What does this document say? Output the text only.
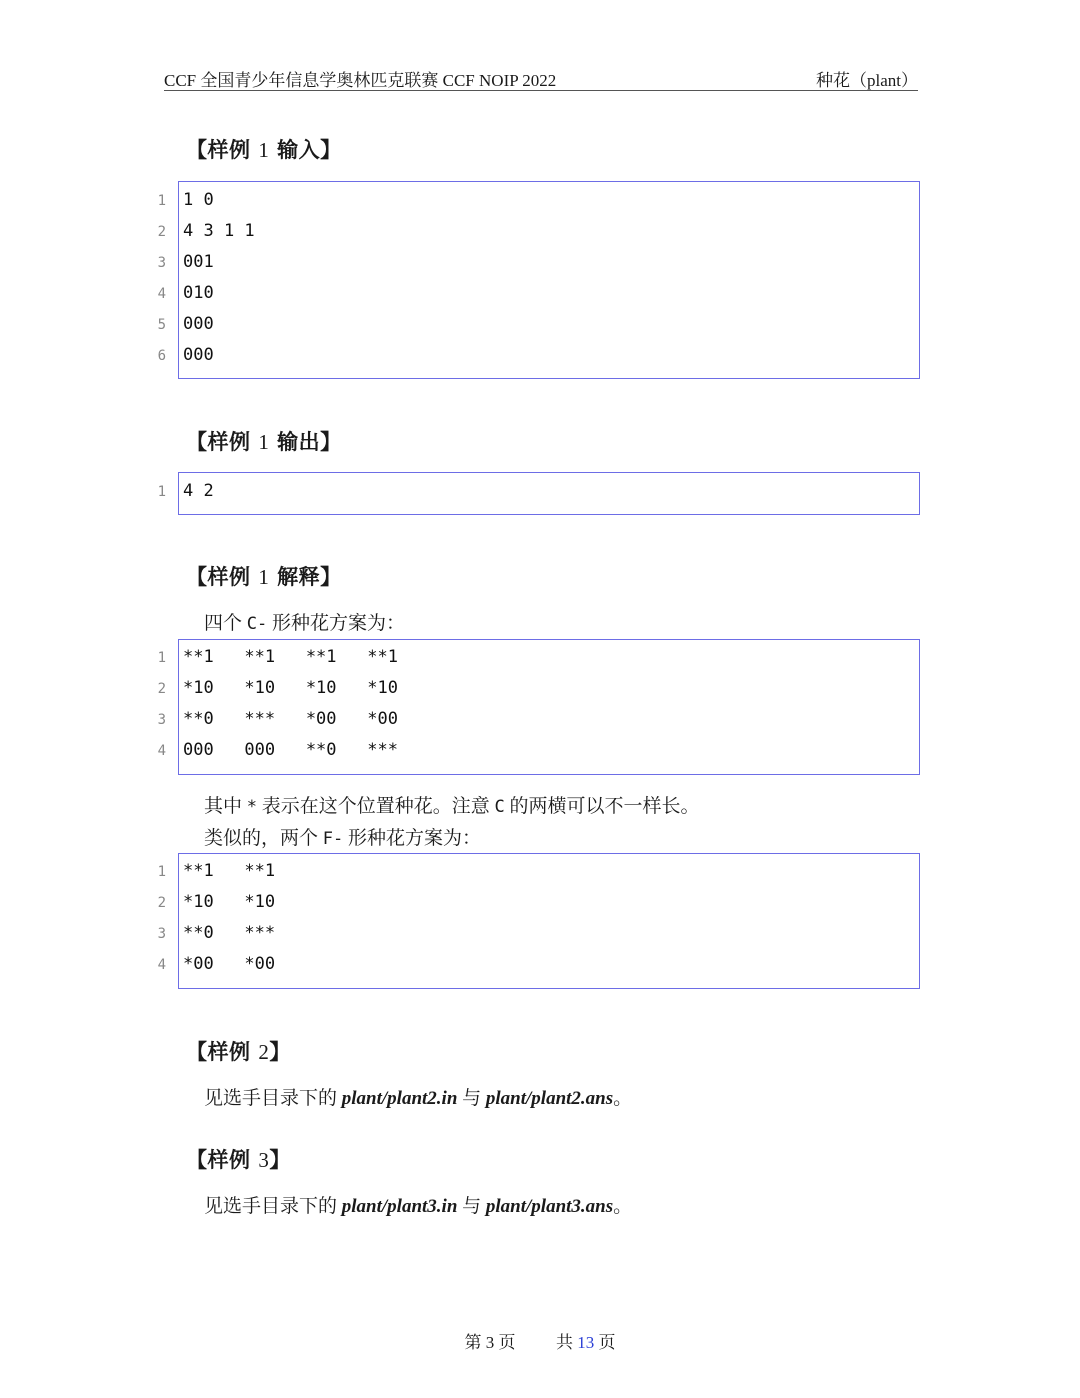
CCF 全国青少年信息学奥林匹克联赛 CCF NOIP 2022	种花（plant）
【样例 1 输入】
1 1 0
2 4 3 1 1
3 001
4 010
5 000
6 000
【样例 1 输出】
1 4 2
【样例 1 解释】
四个 C- 形种花方案为：
1 **1   **1   **1   **1
2 *10   *10   *10   *10
3 **0   ***   *00   *00
4 000   000   **0   ***
其中 * 表示在这个位置种花。注意 C 的两横可以不一样长。
类似的，两个 F- 形种花方案为：
1 **1   **1
2 *10   *10
3 **0   ***
4 *00   *00
【样例 2】
见选手目录下的 plant/plant2.in 与 plant/plant2.ans。
【样例 3】
见选手目录下的 plant/plant3.in 与 plant/plant3.ans。
第 3 页 共 13 页
